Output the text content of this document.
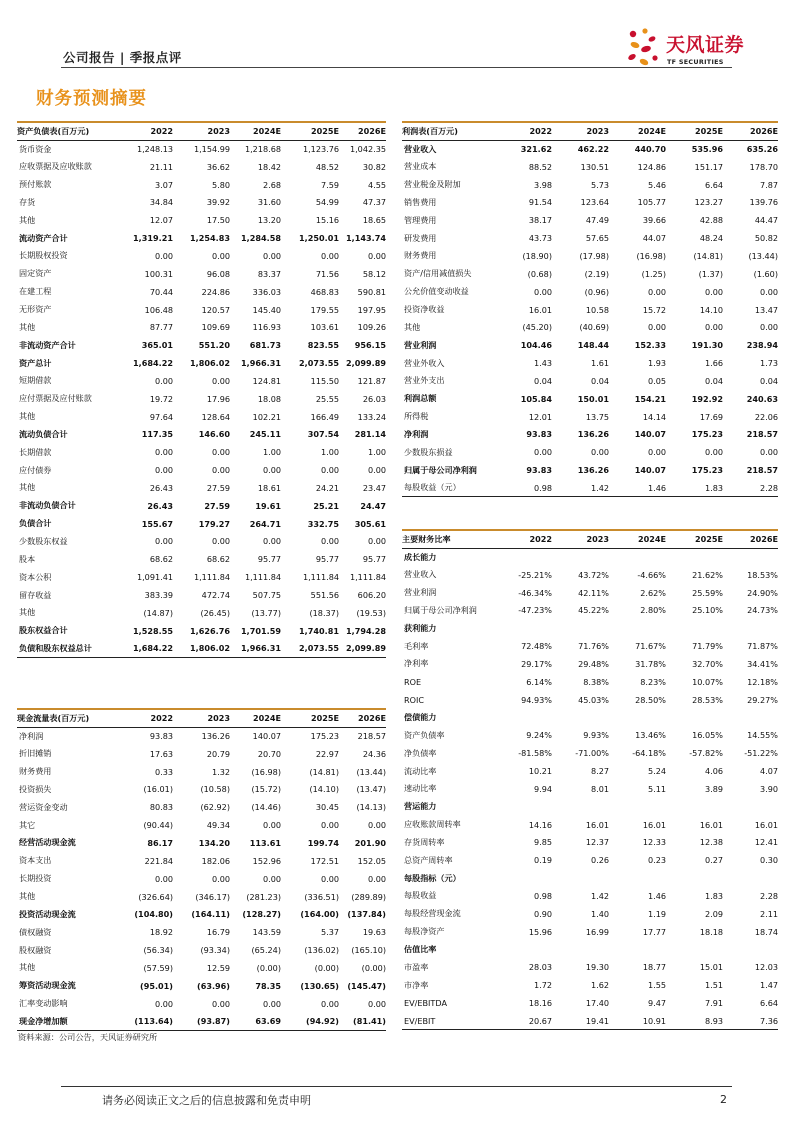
公司报告 | 季报点评
天风证券
TF SECURITIES
财务预测摘要
资产负债表(百万元)	2022	2023	2024E	2025E	2026E
货币资金	1,248.13	1,154.99	1,218.68	1,123.76	1,042.35
应收票据及应收账款	21.11	36.62	18.42	48.52	30.82
预付账款	3.07	5.80	2.68	7.59	4.55
存货	34.84	39.92	31.60	54.99	47.37
其他	12.07	17.50	13.20	15.16	18.65
流动资产合计	1,319.21	1,254.83	1,284.58	1,250.01	1,143.74
长期股权投资	0.00	0.00	0.00	0.00	0.00
固定资产	100.31	96.08	83.37	71.56	58.12
在建工程	70.44	224.86	336.03	468.83	590.81
无形资产	106.48	120.57	145.40	179.55	197.95
其他	87.77	109.69	116.93	103.61	109.26
非流动资产合计	365.01	551.20	681.73	823.55	956.15
资产总计	1,684.22	1,806.02	1,966.31	2,073.55	2,099.89
短期借款	0.00	0.00	124.81	115.50	121.87
应付票据及应付账款	19.72	17.96	18.08	25.55	26.03
其他	97.64	128.64	102.21	166.49	133.24
流动负债合计	117.35	146.60	245.11	307.54	281.14
长期借款	0.00	0.00	1.00	1.00	1.00
应付债券	0.00	0.00	0.00	0.00	0.00
其他	26.43	27.59	18.61	24.21	23.47
非流动负债合计	26.43	27.59	19.61	25.21	24.47
负债合计	155.67	179.27	264.71	332.75	305.61
少数股东权益	0.00	0.00	0.00	0.00	0.00
股本	68.62	68.62	95.77	95.77	95.77
资本公积	1,091.41	1,111.84	1,111.84	1,111.84	1,111.84
留存收益	383.39	472.74	507.75	551.56	606.20
其他	(14.87)	(26.45)	(13.77)	(18.37)	(19.53)
股东权益合计	1,528.55	1,626.76	1,701.59	1,740.81	1,794.28
负债和股东权益总计	1,684.22	1,806.02	1,966.31	2,073.55	2,099.89
利润表(百万元)	2022	2023	2024E	2025E	2026E
营业收入	321.62	462.22	440.70	535.96	635.26
营业成本	88.52	130.51	124.86	151.17	178.70
营业税金及附加	3.98	5.73	5.46	6.64	7.87
销售费用	91.54	123.64	105.77	123.27	139.76
管理费用	38.17	47.49	39.66	42.88	44.47
研发费用	43.73	57.65	44.07	48.24	50.82
财务费用	(18.90)	(17.98)	(16.98)	(14.81)	(13.44)
资产/信用减值损失	(0.68)	(2.19)	(1.25)	(1.37)	(1.60)
公允价值变动收益	0.00	(0.96)	0.00	0.00	0.00
投资净收益	16.01	10.58	15.72	14.10	13.47
其他	(45.20)	(40.69)	0.00	0.00	0.00
营业利润	104.46	148.44	152.33	191.30	238.94
营业外收入	1.43	1.61	1.93	1.66	1.73
营业外支出	0.04	0.04	0.05	0.04	0.04
利润总额	105.84	150.01	154.21	192.92	240.63
所得税	12.01	13.75	14.14	17.69	22.06
净利润	93.83	136.26	140.07	175.23	218.57
少数股东损益	0.00	0.00	0.00	0.00	0.00
归属于母公司净利润	93.83	136.26	140.07	175.23	218.57
每股收益（元）	0.98	1.42	1.46	1.83	2.28
主要财务比率	2022	2023	2024E	2025E	2026E
成长能力					
营业收入	-25.21%	43.72%	-4.66%	21.62%	18.53%
营业利润	-46.34%	42.11%	2.62%	25.59%	24.90%
归属于母公司净利润	-47.23%	45.22%	2.80%	25.10%	24.73%
获利能力					
毛利率	72.48%	71.76%	71.67%	71.79%	71.87%
净利率	29.17%	29.48%	31.78%	32.70%	34.41%
ROE	6.14%	8.38%	8.23%	10.07%	12.18%
ROIC	94.93%	45.03%	28.50%	28.53%	29.27%
偿债能力					
资产负债率	9.24%	9.93%	13.46%	16.05%	14.55%
净负债率	-81.58%	-71.00%	-64.18%	-57.82%	-51.22%
流动比率	10.21	8.27	5.24	4.06	4.07
速动比率	9.94	8.01	5.11	3.89	3.90
营运能力					
应收账款周转率	14.16	16.01	16.01	16.01	16.01
存货周转率	9.85	12.37	12.33	12.38	12.41
总资产周转率	0.19	0.26	0.23	0.27	0.30
每股指标（元）					
每股收益	0.98	1.42	1.46	1.83	2.28
每股经营现金流	0.90	1.40	1.19	2.09	2.11
每股净资产	15.96	16.99	17.77	18.18	18.74
估值比率					
市盈率	28.03	19.30	18.77	15.01	12.03
市净率	1.72	1.62	1.55	1.51	1.47
EV/EBITDA	18.16	17.40	9.47	7.91	6.64
EV/EBIT	20.67	19.41	10.91	8.93	7.36
现金流量表(百万元)	2022	2023	2024E	2025E	2026E
净利润	93.83	136.26	140.07	175.23	218.57
折旧摊销	17.63	20.79	20.70	22.97	24.36
财务费用	0.33	1.32	(16.98)	(14.81)	(13.44)
投资损失	(16.01)	(10.58)	(15.72)	(14.10)	(13.47)
营运资金变动	80.83	(62.92)	(14.46)	30.45	(14.13)
其它	(90.44)	49.34	0.00	0.00	0.00
经营活动现金流	86.17	134.20	113.61	199.74	201.90
资本支出	221.84	182.06	152.96	172.51	152.05
长期投资	0.00	0.00	0.00	0.00	0.00
其他	(326.64)	(346.17)	(281.23)	(336.51)	(289.89)
投资活动现金流	(104.80)	(164.11)	(128.27)	(164.00)	(137.84)
债权融资	18.92	16.79	143.59	5.37	19.63
股权融资	(56.34)	(93.34)	(65.24)	(136.02)	(165.10)
其他	(57.59)	12.59	(0.00)	(0.00)	(0.00)
筹资活动现金流	(95.01)	(63.96)	78.35	(130.65)	(145.47)
汇率变动影响	0.00	0.00	0.00	0.00	0.00
现金净增加额	(113.64)	(93.87)	63.69	(94.92)	(81.41)
资料来源：公司公告，天风证券研究所
请务必阅读正文之后的信息披露和免责申明	2
